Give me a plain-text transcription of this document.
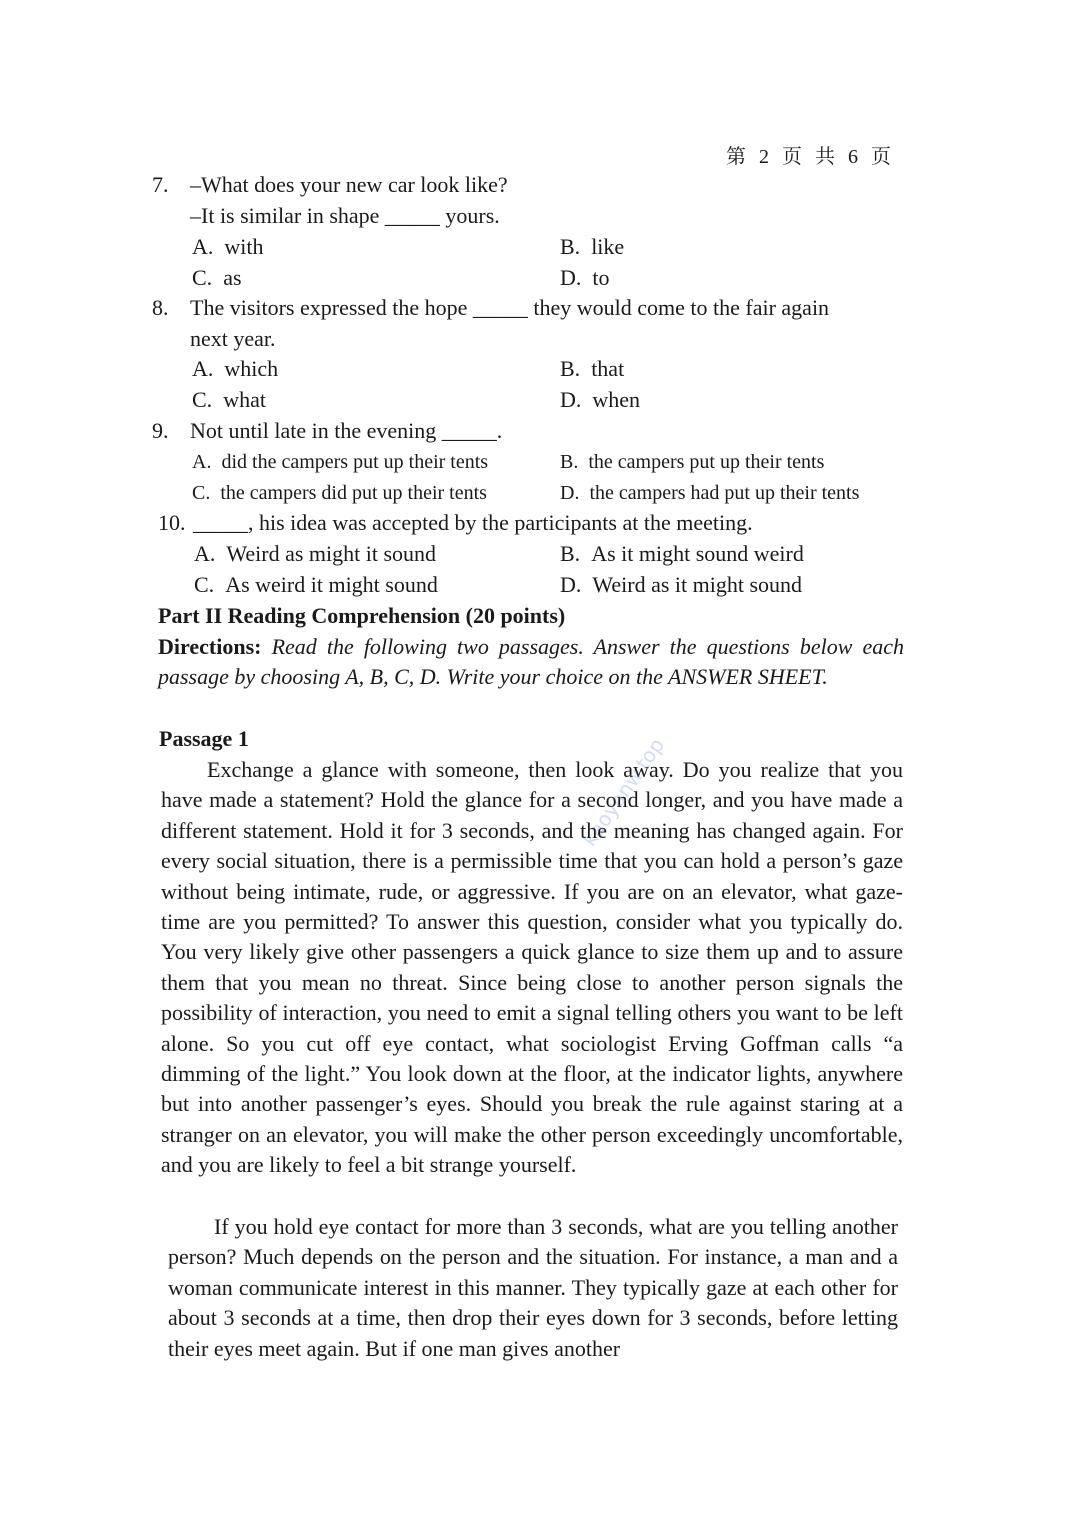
第 2 页 共 6 页
7. –What does your new car look like?
–It is similar in shape _____ yours.
A. with	B. like
C. as	D. to
8. The visitors expressed the hope _____ they would come to the fair again
next year.
A. which	B. that
C. what	D. when
9. Not until late in the evening _____.
A. did the campers put up their tents	B. the campers put up their tents
C. the campers did put up their tents	D. the campers had put up their tents
10. _____, his idea was accepted by the participants at the meeting.
A. Weird as might it sound	B. As it might sound weird
C. As weird it might sound	D. Weird as it might sound
Part II Reading Comprehension (20 points)
Directions: Read the following two passages. Answer the questions below each passage by choosing A, B, C, D. Write your choice on the ANSWER SHEET.
Passage 1
Exchange a glance with someone, then look away. Do you realize that you have made a statement? Hold the glance for a second longer, and you have made a different statement. Hold it for 3 seconds, and the meaning has changed again. For every social situation, there is a permissible time that you can hold a person’s gaze without being intimate, rude, or aggressive. If you are on an elevator, what gaze-time are you permitted? To answer this question, consider what you typically do. You very likely give other passengers a quick glance to size them up and to assure them that you mean no threat. Since being close to another person signals the possibility of interaction, you need to emit a signal telling others you want to be left alone. So you cut off eye contact, what sociologist Erving Goffman calls “a dimming of the light.” You look down at the floor, at the indicator lights, anywhere but into another passenger’s eyes. Should you break the rule against staring at a stranger on an elevator, you will make the other person exceedingly uncomfortable, and you are likely to feel a bit strange yourself.
If you hold eye contact for more than 3 seconds, what are you telling another person? Much depends on the person and the situation. For instance, a man and a woman communicate interest in this manner. They typically gaze at each other for about 3 seconds at a time, then drop their eyes down for 3 seconds, before letting their eyes meet again. But if one man gives another
kaoyanw.top
